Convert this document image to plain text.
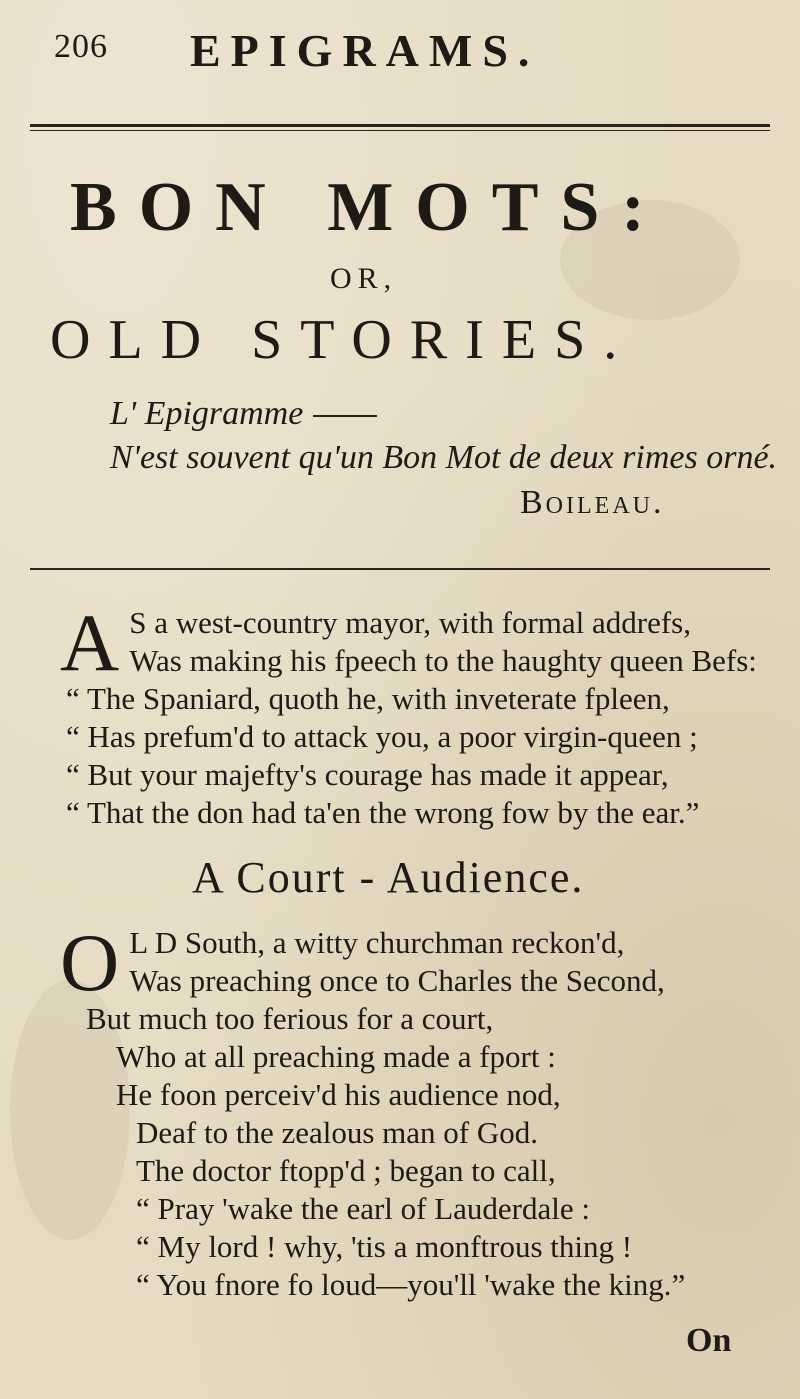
206 EPIGRAMS.
BON MOTS:
OR,
OLD STORIES.
L' Epigramme
N'est souvent qu'un Bon Mot de deux rimes orné.
Boileau.
A S a west-country mayor, with formal addrefs,
Was making his fpeech to the haughty queen Befs:
“ The Spaniard, quoth he, with inveterate fpleen,
“ Has prefum'd to attack you, a poor virgin-queen ;
“ But your majefty's courage has made it appear,
“ That the don had ta'en the wrong fow by the ear.”
A Court - Audience.
O L D South, a witty churchman reckon'd,
Was preaching once to Charles the Second,
But much too ferious for a court,
Who at all preaching made a fport :
He foon perceiv'd his audience nod,
Deaf to the zealous man of God.
The doctor ftopp'd ; began to call,
“ Pray 'wake the earl of Lauderdale :
“ My lord ! why, 'tis a monftrous thing !
“ You fnore fo loud—you'll 'wake the king.”
On
